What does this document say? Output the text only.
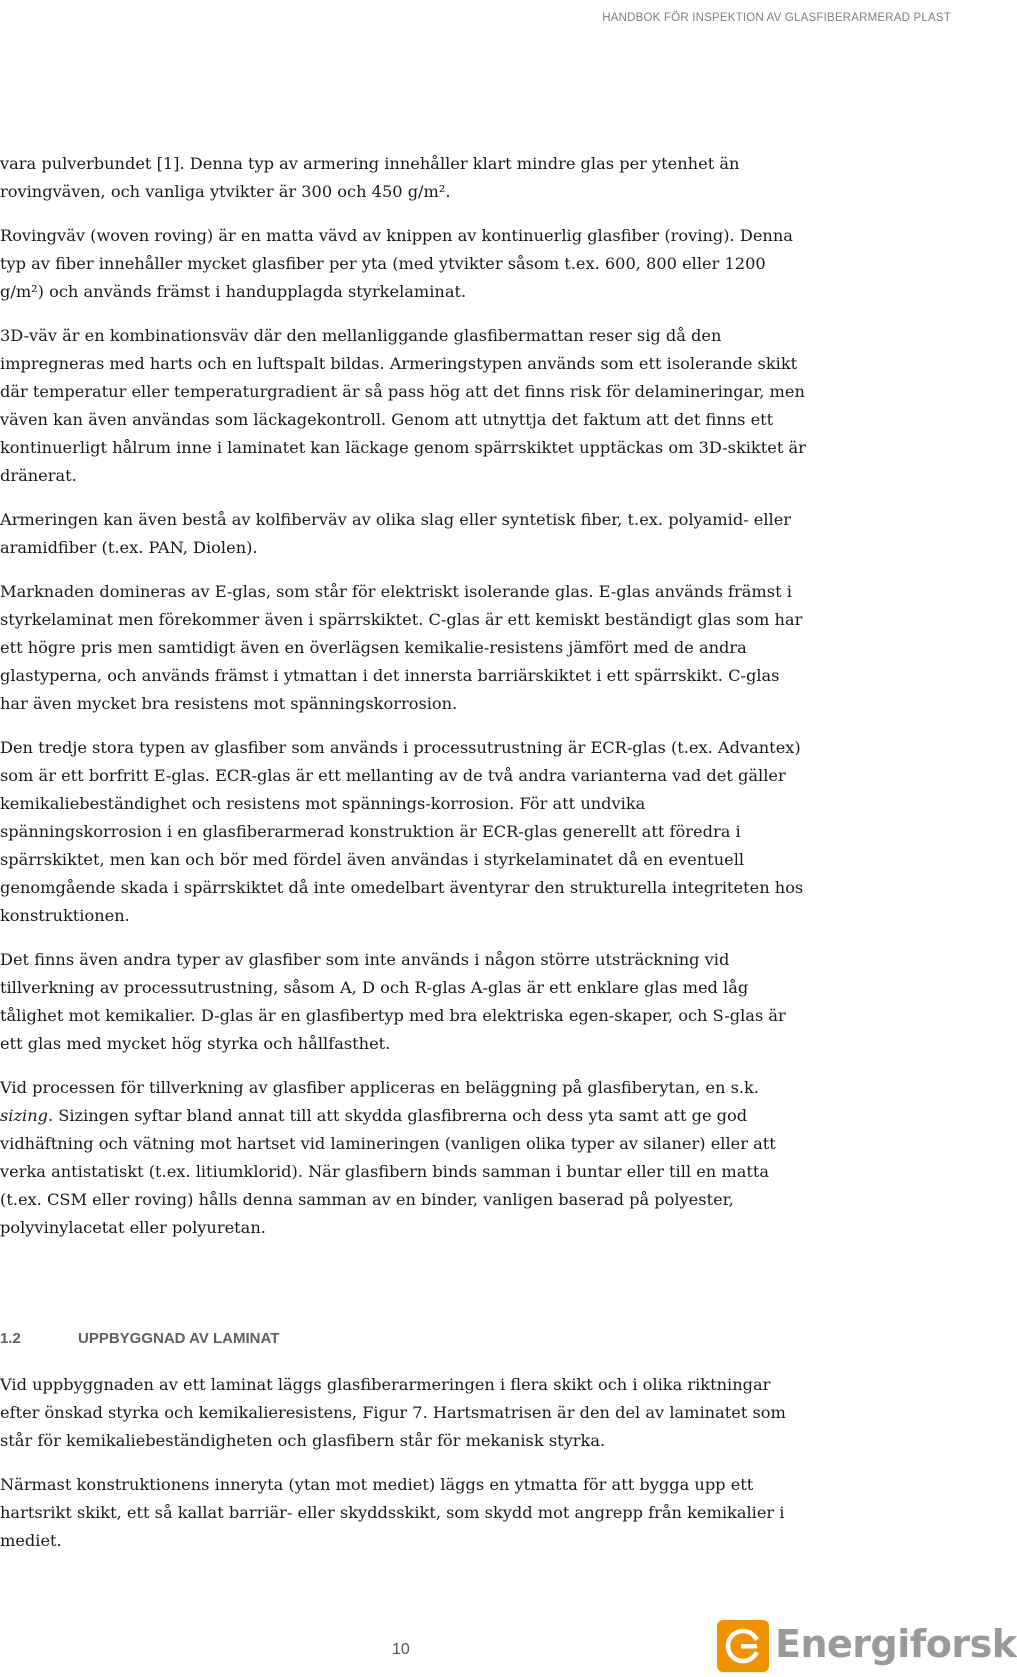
HANDBOK FÖR INSPEKTION AV GLASFIBERARMERAD PLAST

vara pulverbundet [1]. Denna typ av armering innehåller klart mindre glas per ytenhet än rovingväven, och vanliga ytvikter är 300 och 450 g/m².

Rovingväv (woven roving) är en matta vävd av knippen av kontinuerlig glasfiber (roving). Denna typ av fiber innehåller mycket glasfiber per yta (med ytvikter såsom t.ex. 600, 800 eller 1200 g/m²) och används främst i handupplagda styrkelaminat.

3D-väv är en kombinationsväv där den mellanliggande glasfibermattan reser sig då den impregneras med harts och en luftspalt bildas. Armeringstypen används som ett isolerande skikt där temperatur eller temperaturgradient är så pass hög att det finns risk för delamineringar, men väven kan även användas som läckagekontroll. Genom att utnyttja det faktum att det finns ett kontinuerligt hålrum inne i laminatet kan läckage genom spärrskiktet upptäckas om 3D-skiktet är dränerat.

Armeringen kan även bestå av kolfiberväv av olika slag eller syntetisk fiber, t.ex. polyamid- eller aramidfiber (t.ex. PAN, Diolen).

Marknaden domineras av E-glas, som står för elektriskt isolerande glas. E-glas används främst i styrkelaminat men förekommer även i spärrskiktet. C-glas är ett kemiskt beständigt glas som har ett högre pris men samtidigt även en överlägsen kemikalie-resistens jämfört med de andra glastyperna, och används främst i ytmattan i det innersta barriärskiktet i ett spärrskikt. C-glas har även mycket bra resistens mot spänningskorrosion.

Den tredje stora typen av glasfiber som används i processutrustning är ECR-glas (t.ex. Advantex) som är ett borfritt E-glas. ECR-glas är ett mellanting av de två andra varianterna vad det gäller kemikaliebeständighet och resistens mot spännings-korrosion. För att undvika spänningskorrosion i en glasfiberarmerad konstruktion är ECR-glas generellt att föredra i spärrskiktet, men kan och bör med fördel även användas i styrkelaminatet då en eventuell genomgående skada i spärrskiktet då inte omedelbart äventyrar den strukturella integriteten hos konstruktionen.

Det finns även andra typer av glasfiber som inte används i någon större utsträckning vid tillverkning av processutrustning, såsom A, D och R-glas A-glas är ett enklare glas med låg tålighet mot kemikalier. D-glas är en glasfibertyp med bra elektriska egen-skaper, och S-glas är ett glas med mycket hög styrka och hållfasthet.

Vid processen för tillverkning av glasfiber appliceras en beläggning på glasfiberytan, en s.k. sizing. Sizingen syftar bland annat till att skydda glasfibrerna och dess yta samt att ge god vidhäftning och vätning mot hartset vid lamineringen (vanligen olika typer av silaner) eller att verka antistatiskt (t.ex. litiumklorid). När glasfibern binds samman i buntar eller till en matta (t.ex. CSM eller roving) hålls denna samman av en binder, vanligen baserad på polyester, polyvinylacetat eller polyuretan.

1.2	UPPBYGGNAD AV LAMINAT

Vid uppbyggnaden av ett laminat läggs glasfiberarmeringen i flera skikt och i olika riktningar efter önskad styrka och kemikalieresistens, Figur 7. Hartsmatrisen är den del av laminatet som står för kemikaliebeständigheten och glasfibern står för mekanisk styrka.

Närmast konstruktionens inneryta (ytan mot mediet) läggs en ytmatta för att bygga upp ett hartsrikt skikt, ett så kallat barriär- eller skyddsskikt, som skydd mot angrepp från kemikalier i mediet.

10	Energiforsk
